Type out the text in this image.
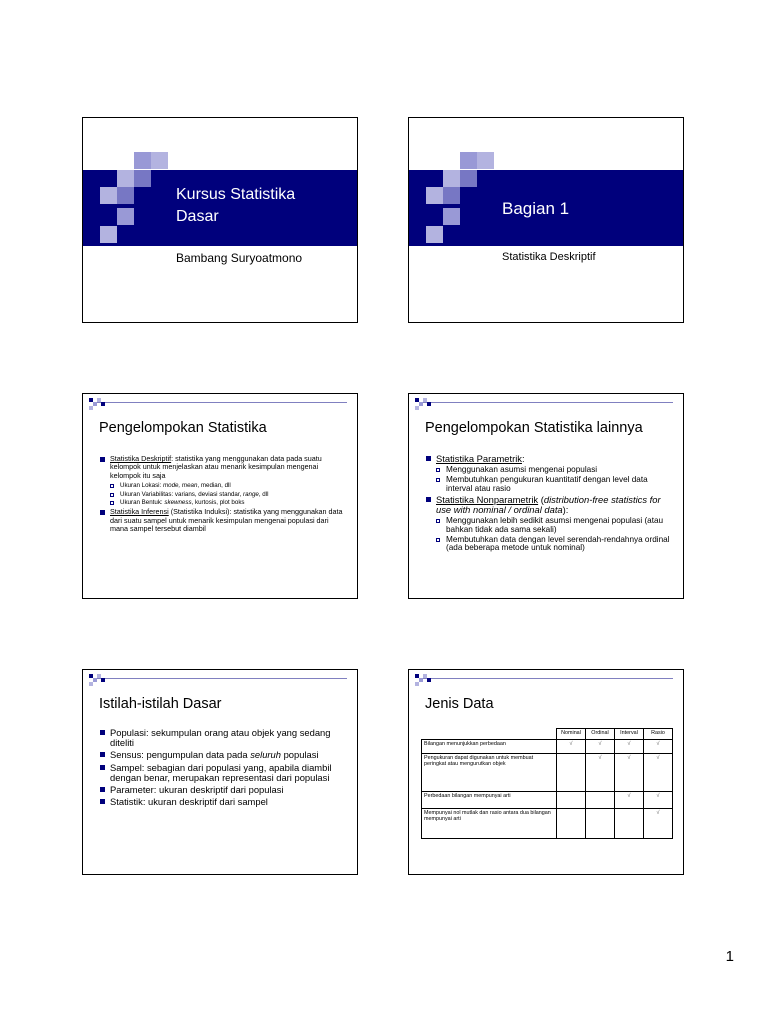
Kursus Statistika
Dasar
Bambang Suryoatmono
Bagian 1
Statistika Deskriptif
Pengelompokan Statistika
Statistika Deskriptif: statistika yang menggunakan data pada suatu kelompok untuk menjelaskan atau menarik kesimpulan mengenai kelompok itu saja
Ukuran Lokasi: mode, mean, median, dll
Ukuran Variabilitas: varians, deviasi standar, range, dll
Ukuran Bentuk: skewness, kurtosis, plot boks
Statistika Inferensi (Statistika Induksi): statistika yang menggunakan data dari suatu sampel untuk menarik kesimpulan mengenai populasi dari mana sampel tersebut diambil
Pengelompokan Statistika lainnya
Statistika Parametrik:
Menggunakan asumsi mengenai populasi
Membutuhkan pengukuran kuantitatif dengan level data interval atau rasio
Statistika Nonparametrik (distribution-free statistics for use with nominal / ordinal data):
Menggunakan lebih sedikit asumsi mengenai populasi (atau bahkan tidak ada sama sekali)
Membutuhkan data dengan level serendah-rendahnya ordinal (ada beberapa metode untuk nominal)
Istilah-istilah Dasar
Populasi: sekumpulan orang atau objek yang sedang diteliti
Sensus: pengumpulan data pada seluruh populasi
Sampel: sebagian dari populasi yang, apabila diambil dengan benar, merupakan representasi dari populasi
Parameter: ukuran deskriptif dari populasi
Statistik: ukuran deskriptif dari sampel
Jenis Data
	Nominal	Ordinal	Interval	Rasio
Bilangan menunjukkan perbedaan	√	√	√	√
Pengukuran dapat digunakan untuk membuat peringkat atau mengurutkan objek		√	√	√
Perbedaan bilangan mempunyai arti			√	√
Mempunyai nol mutlak dan rasio antara dua bilangan mempunyai arti				√
1
